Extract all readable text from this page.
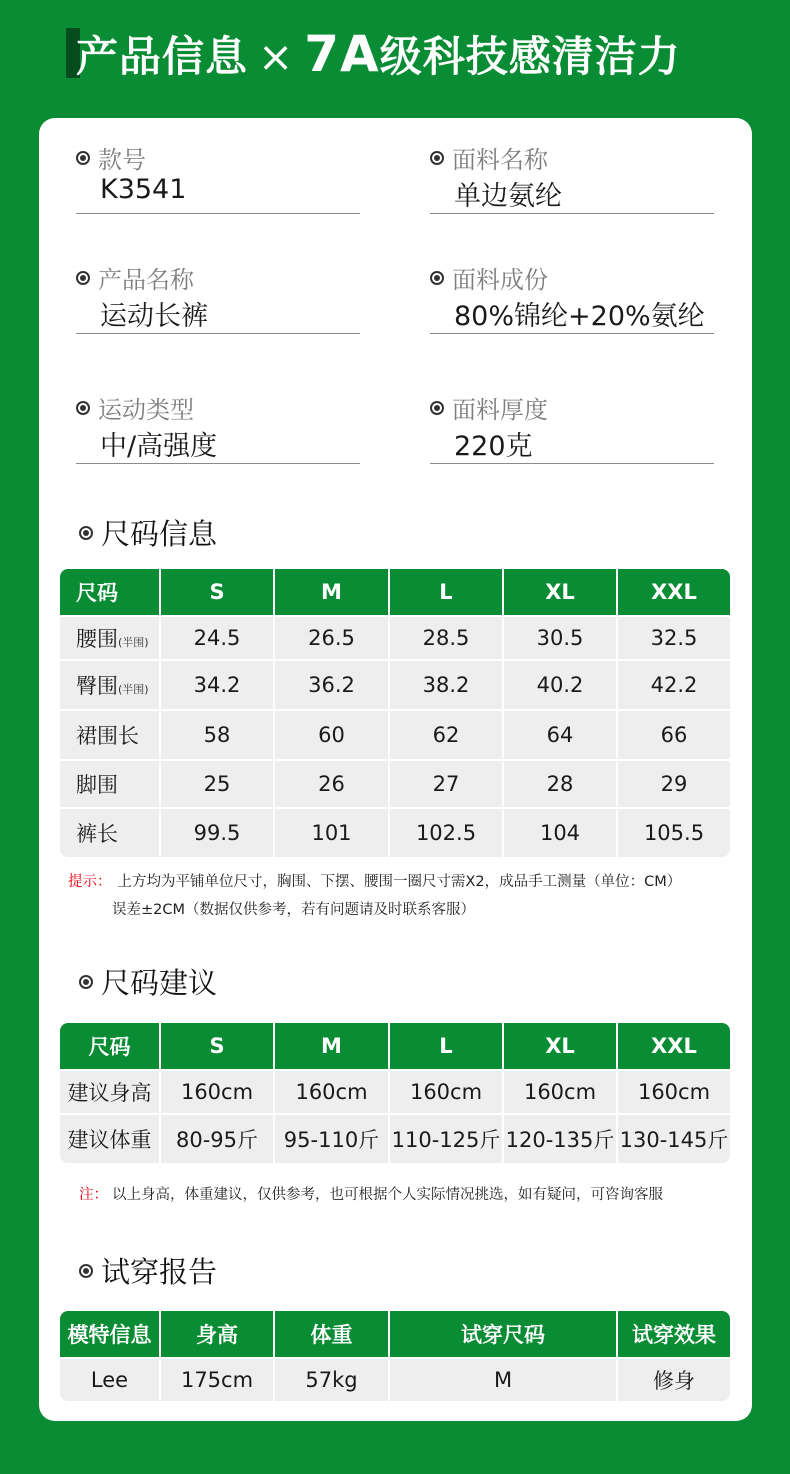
产品信息 × 7A级科技感清洁力
款号
K3541
面料名称
单边氨纶
产品名称
运动长裤
面料成份
80%锦纶+20%氨纶
运动类型
中/高强度
面料厚度
220克
尺码信息
尺码	S	M	L	XL	XXL
腰围(半围)	24.5	26.5	28.5	30.5	32.5
臀围(半围)	34.2	36.2	38.2	40.2	42.2
裙围长	58	60	62	64	66
脚围	25	26	27	28	29
裤长	99.5	101	102.5	104	105.5
提示： 上方均为平铺单位尺寸，胸围、下摆、腰围一圈尺寸需X2，成品手工测量（单位：CM）
误差±2CM（数据仅供参考，若有问题请及时联系客服）
尺码建议
尺码	S	M	L	XL	XXL
建议身高	160cm	160cm	160cm	160cm	160cm
建议体重	80-95斤	95-110斤	110-125斤	120-135斤	130-145斤
注： 以上身高，体重建议，仅供参考，也可根据个人实际情况挑选，如有疑问，可咨询客服
试穿报告
模特信息	身高	体重	试穿尺码	试穿效果
Lee	175cm	57kg	M	修身
